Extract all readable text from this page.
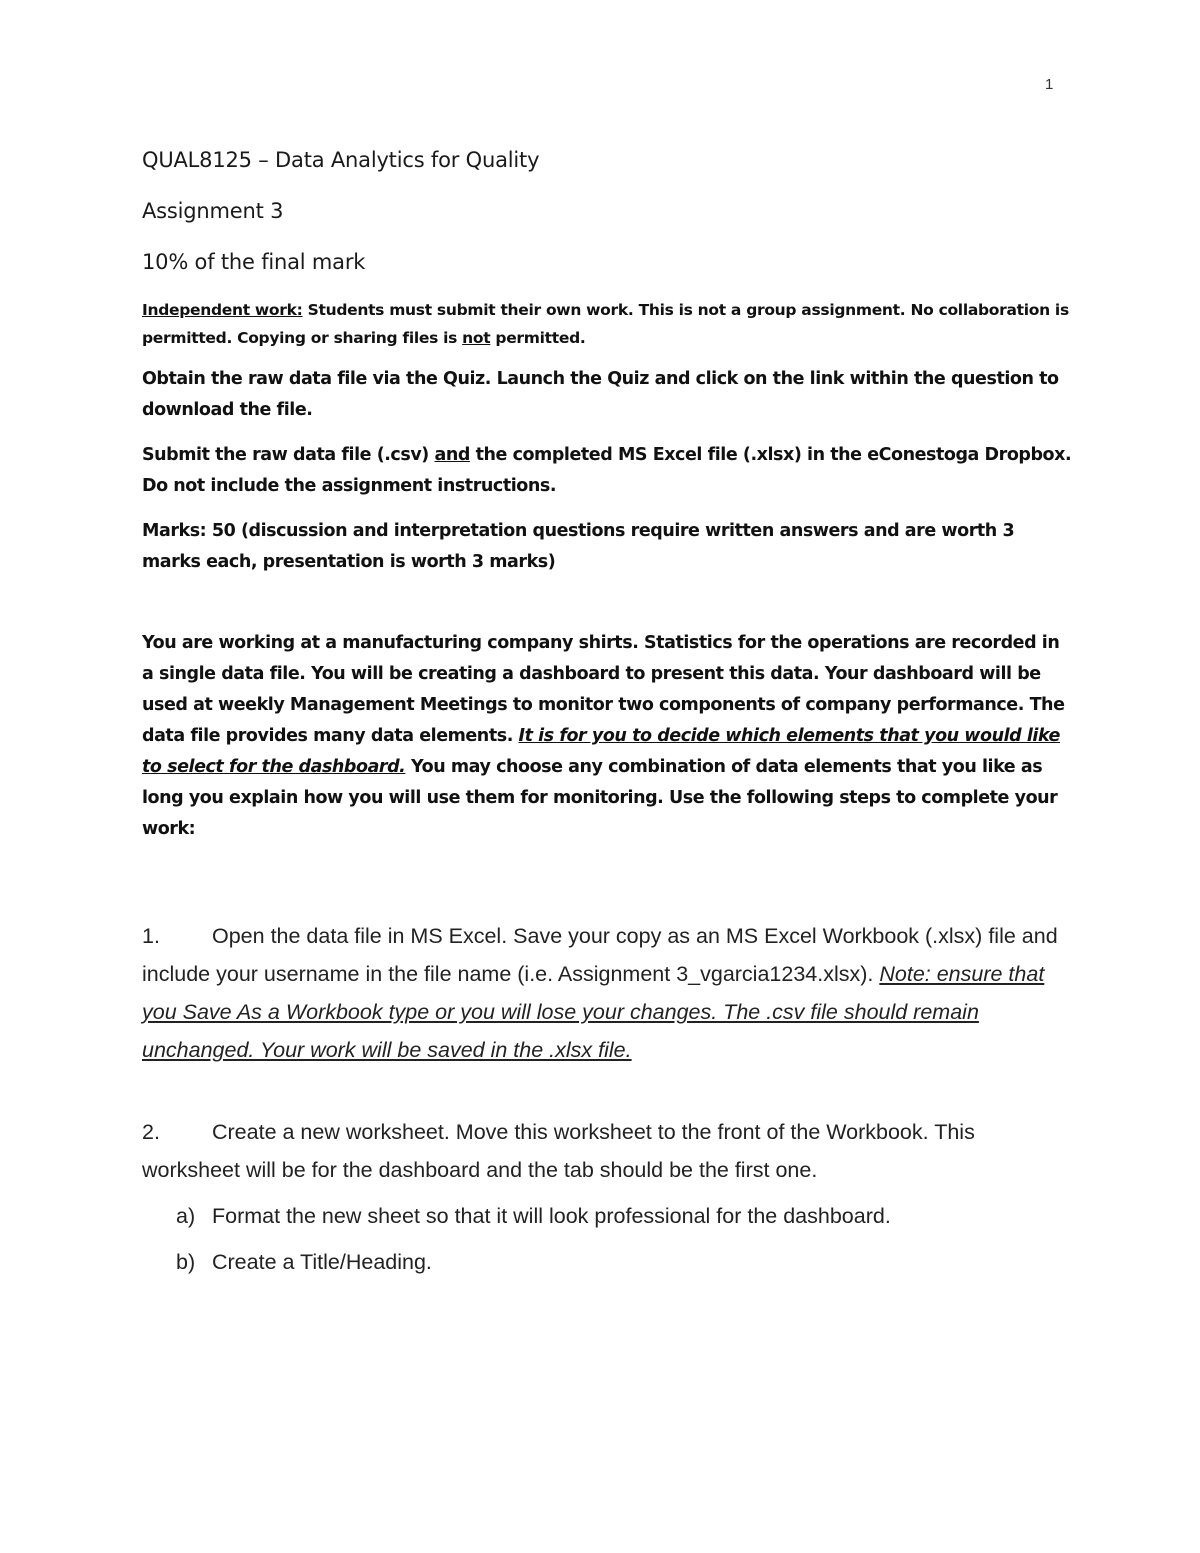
1
QUAL8125 – Data Analytics for Quality
Assignment 3
10% of the final mark

Independent work: Students must submit their own work. This is not a group assignment. No collaboration is permitted. Copying or sharing files is not permitted.

Obtain the raw data file via the Quiz. Launch the Quiz and click on the link within the question to download the file.

Submit the raw data file (.csv) and the completed MS Excel file (.xlsx) in the eConestoga Dropbox. Do not include the assignment instructions.

Marks: 50 (discussion and interpretation questions require written answers and are worth 3 marks each, presentation is worth 3 marks)

You are working at a manufacturing company shirts. Statistics for the operations are recorded in a single data file. You will be creating a dashboard to present this data. Your dashboard will be used at weekly Management Meetings to monitor two components of company performance. The data file provides many data elements. It is for you to decide which elements that you would like to select for the dashboard. You may choose any combination of data elements that you like as long you explain how you will use them for monitoring. Use the following steps to complete your work:

1. Open the data file in MS Excel. Save your copy as an MS Excel Workbook (.xlsx) file and include your username in the file name (i.e. Assignment 3_vgarcia1234.xlsx). Note: ensure that you Save As a Workbook type or you will lose your changes. The .csv file should remain unchanged. Your work will be saved in the .xlsx file.

2. Create a new worksheet. Move this worksheet to the front of the Workbook. This worksheet will be for the dashboard and the tab should be the first one.

a) Format the new sheet so that it will look professional for the dashboard.

b) Create a Title/Heading.
